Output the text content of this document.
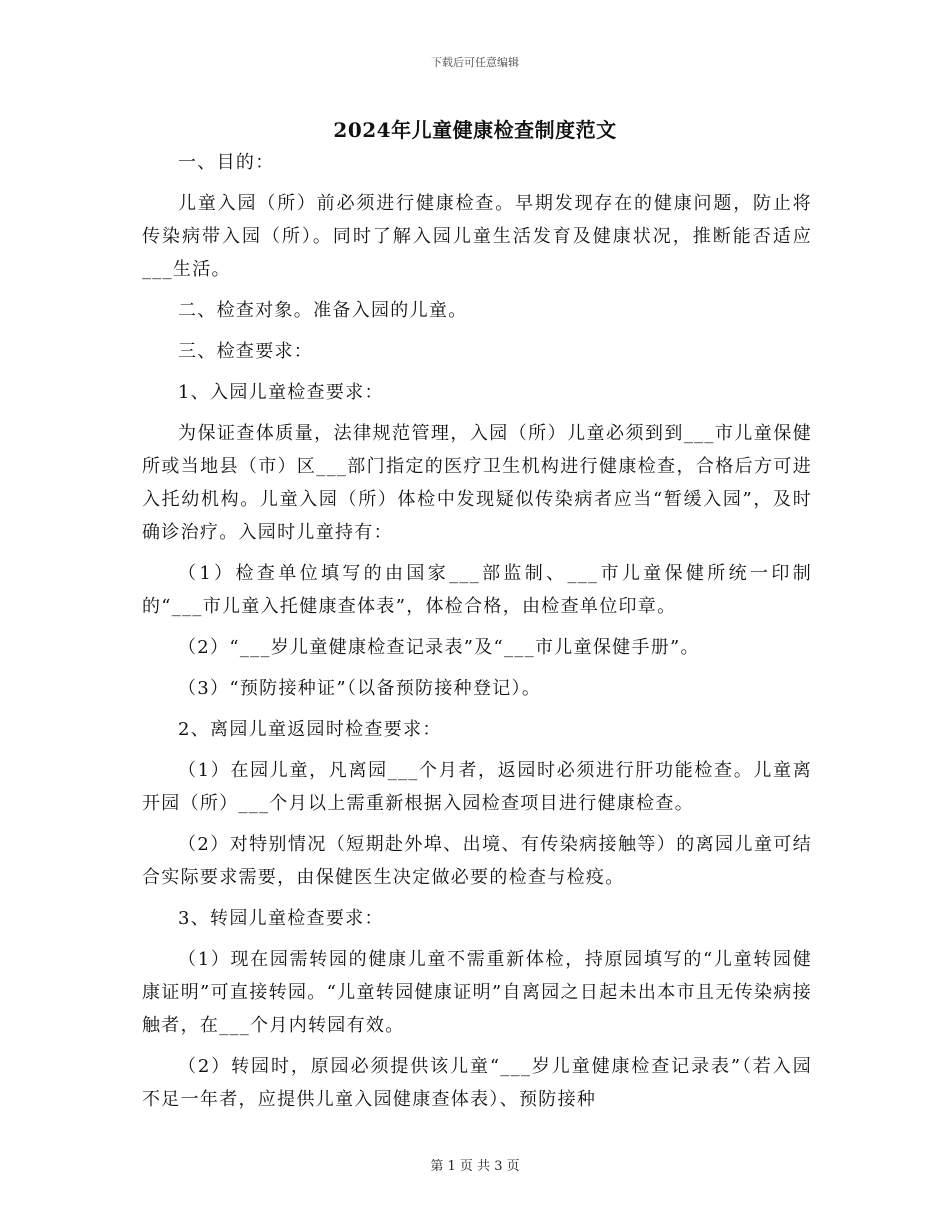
下载后可任意编辑
2024年儿童健康检查制度范文

一、目的：

儿童入园（所）前必须进行健康检查。早期发现存在的健康问题，防止将传染病带入园（所）。同时了解入园儿童生活发育及健康状况，推断能否适应___生活。

二、检查对象。准备入园的儿童。

三、检查要求：

1、入园儿童检查要求：

为保证查体质量，法律规范管理，入园（所）儿童必须到到___市儿童保健所或当地县（市）区___部门指定的医疗卫生机构进行健康检查，合格后方可进入托幼机构。儿童入园（所）体检中发现疑似传染病者应当“暂缓入园”，及时确诊治疗。入园时儿童持有：

（1）检查单位填写的由国家___部监制、___市儿童保健所统一印制的“___市儿童入托健康查体表”，体检合格，由检查单位印章。

（2）“___岁儿童健康检查记录表”及“___市儿童保健手册”。

（3）“预防接种证”（以备预防接种登记）。

2、离园儿童返园时检查要求：

（1）在园儿童，凡离园___个月者，返园时必须进行肝功能检查。儿童离开园（所）___个月以上需重新根据入园检查项目进行健康检查。

（2）对特别情况（短期赴外埠、出境、有传染病接触等）的离园儿童可结合实际要求需要，由保健医生决定做必要的检查与检疫。

3、转园儿童检查要求：

（1）现在园需转园的健康儿童不需重新体检，持原园填写的“儿童转园健康证明”可直接转园。“儿童转园健康证明”自离园之日起未出本市且无传染病接触者，在___个月内转园有效。

（2）转园时，原园必须提供该儿童“___岁儿童健康检查记录表”（若入园不足一年者，应提供儿童入园健康查体表）、预防接种

第 1 页 共 3 页
